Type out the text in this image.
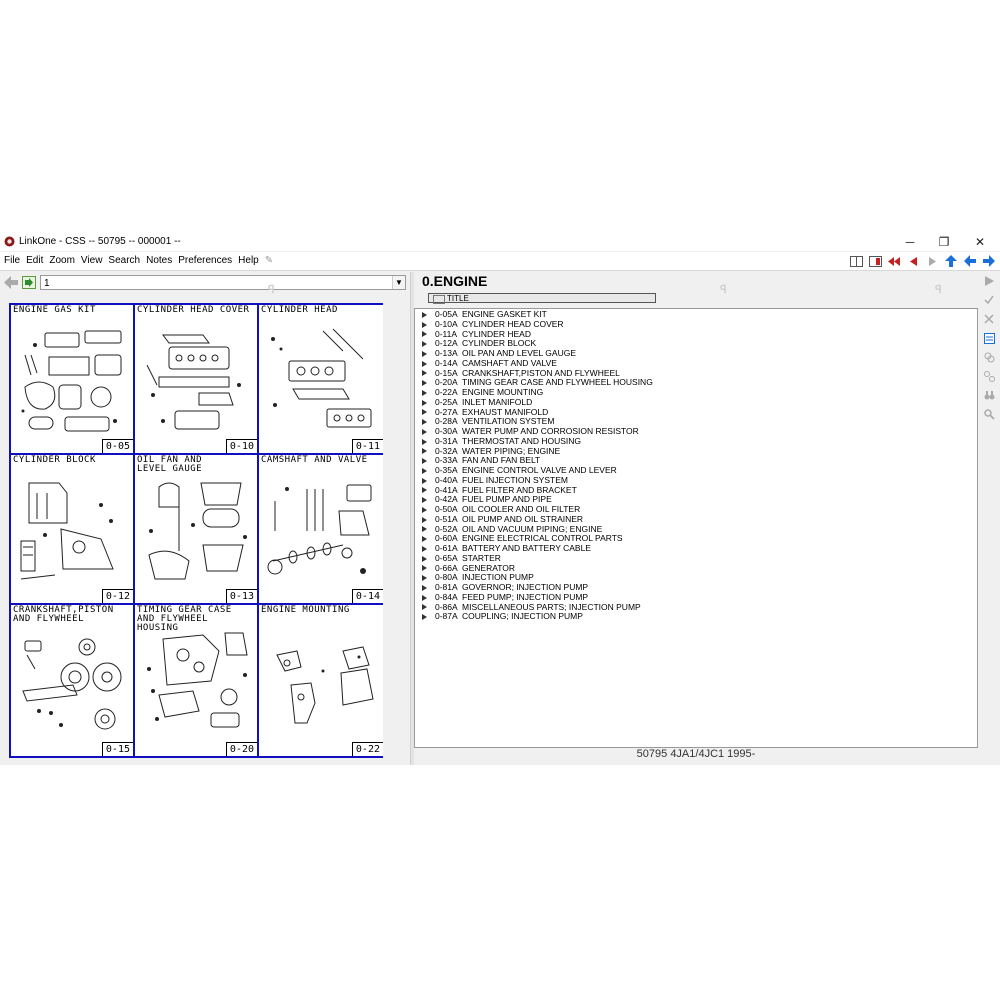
LinkOne - CSS -- 50795 -- 000001 --	─	❐	✕
File Edit Zoom View Search Notes Preferences Help ✎
1	▼
ENGINE GAS KIT
0-05
CYLINDER HEAD COVER
0-10
CYLINDER HEAD
0-11
CYLINDER BLOCK
0-12
OIL FAN AND
LEVEL GAUGE
0-13
CAMSHAFT AND VALVE
0-14
CRANKSHAFT,PISTON
AND FLYWHEEL
0-15
TIMING GEAR CASE
AND FLYWHEEL
HOUSING
0-20
ENGINE MOUNTING
0-22
0.ENGINE
TITLE
0-05A ENGINE GASKET KIT
0-10A CYLINDER HEAD COVER
0-11A CYLINDER HEAD
0-12A CYLINDER BLOCK
0-13A OIL PAN AND LEVEL GAUGE
0-14A CAMSHAFT AND VALVE
0-15A CRANKSHAFT,PISTON AND FLYWHEEL
0-20A TIMING GEAR CASE AND FLYWHEEL HOUSING
0-22A ENGINE MOUNTING
0-25A INLET MANIFOLD
0-27A EXHAUST MANIFOLD
0-28A VENTILATION SYSTEM
0-30A WATER PUMP AND CORROSION RESISTOR
0-31A THERMOSTAT AND HOUSING
0-32A WATER PIPING; ENGINE
0-33A FAN AND FAN BELT
0-35A ENGINE CONTROL VALVE AND LEVER
0-40A FUEL INJECTION SYSTEM
0-41A FUEL FILTER AND BRACKET
0-42A FUEL PUMP AND PIPE
0-50A OIL COOLER AND OIL FILTER
0-51A OIL PUMP AND OIL STRAINER
0-52A OIL AND VACUUM PIPING; ENGINE
0-60A ENGINE ELECTRICAL CONTROL PARTS
0-61A BATTERY AND BATTERY CABLE
0-65A STARTER
0-66A GENERATOR
0-80A INJECTION PUMP
0-81A GOVERNOR; INJECTION PUMP
0-84A FEED PUMP; INJECTION PUMP
0-86A MISCELLANEOUS PARTS; INJECTION PUMP
0-87A COUPLING; INJECTION PUMP
50795 4JA1/4JC1 1995-
ꟼ	ꟼ	ꟼ
